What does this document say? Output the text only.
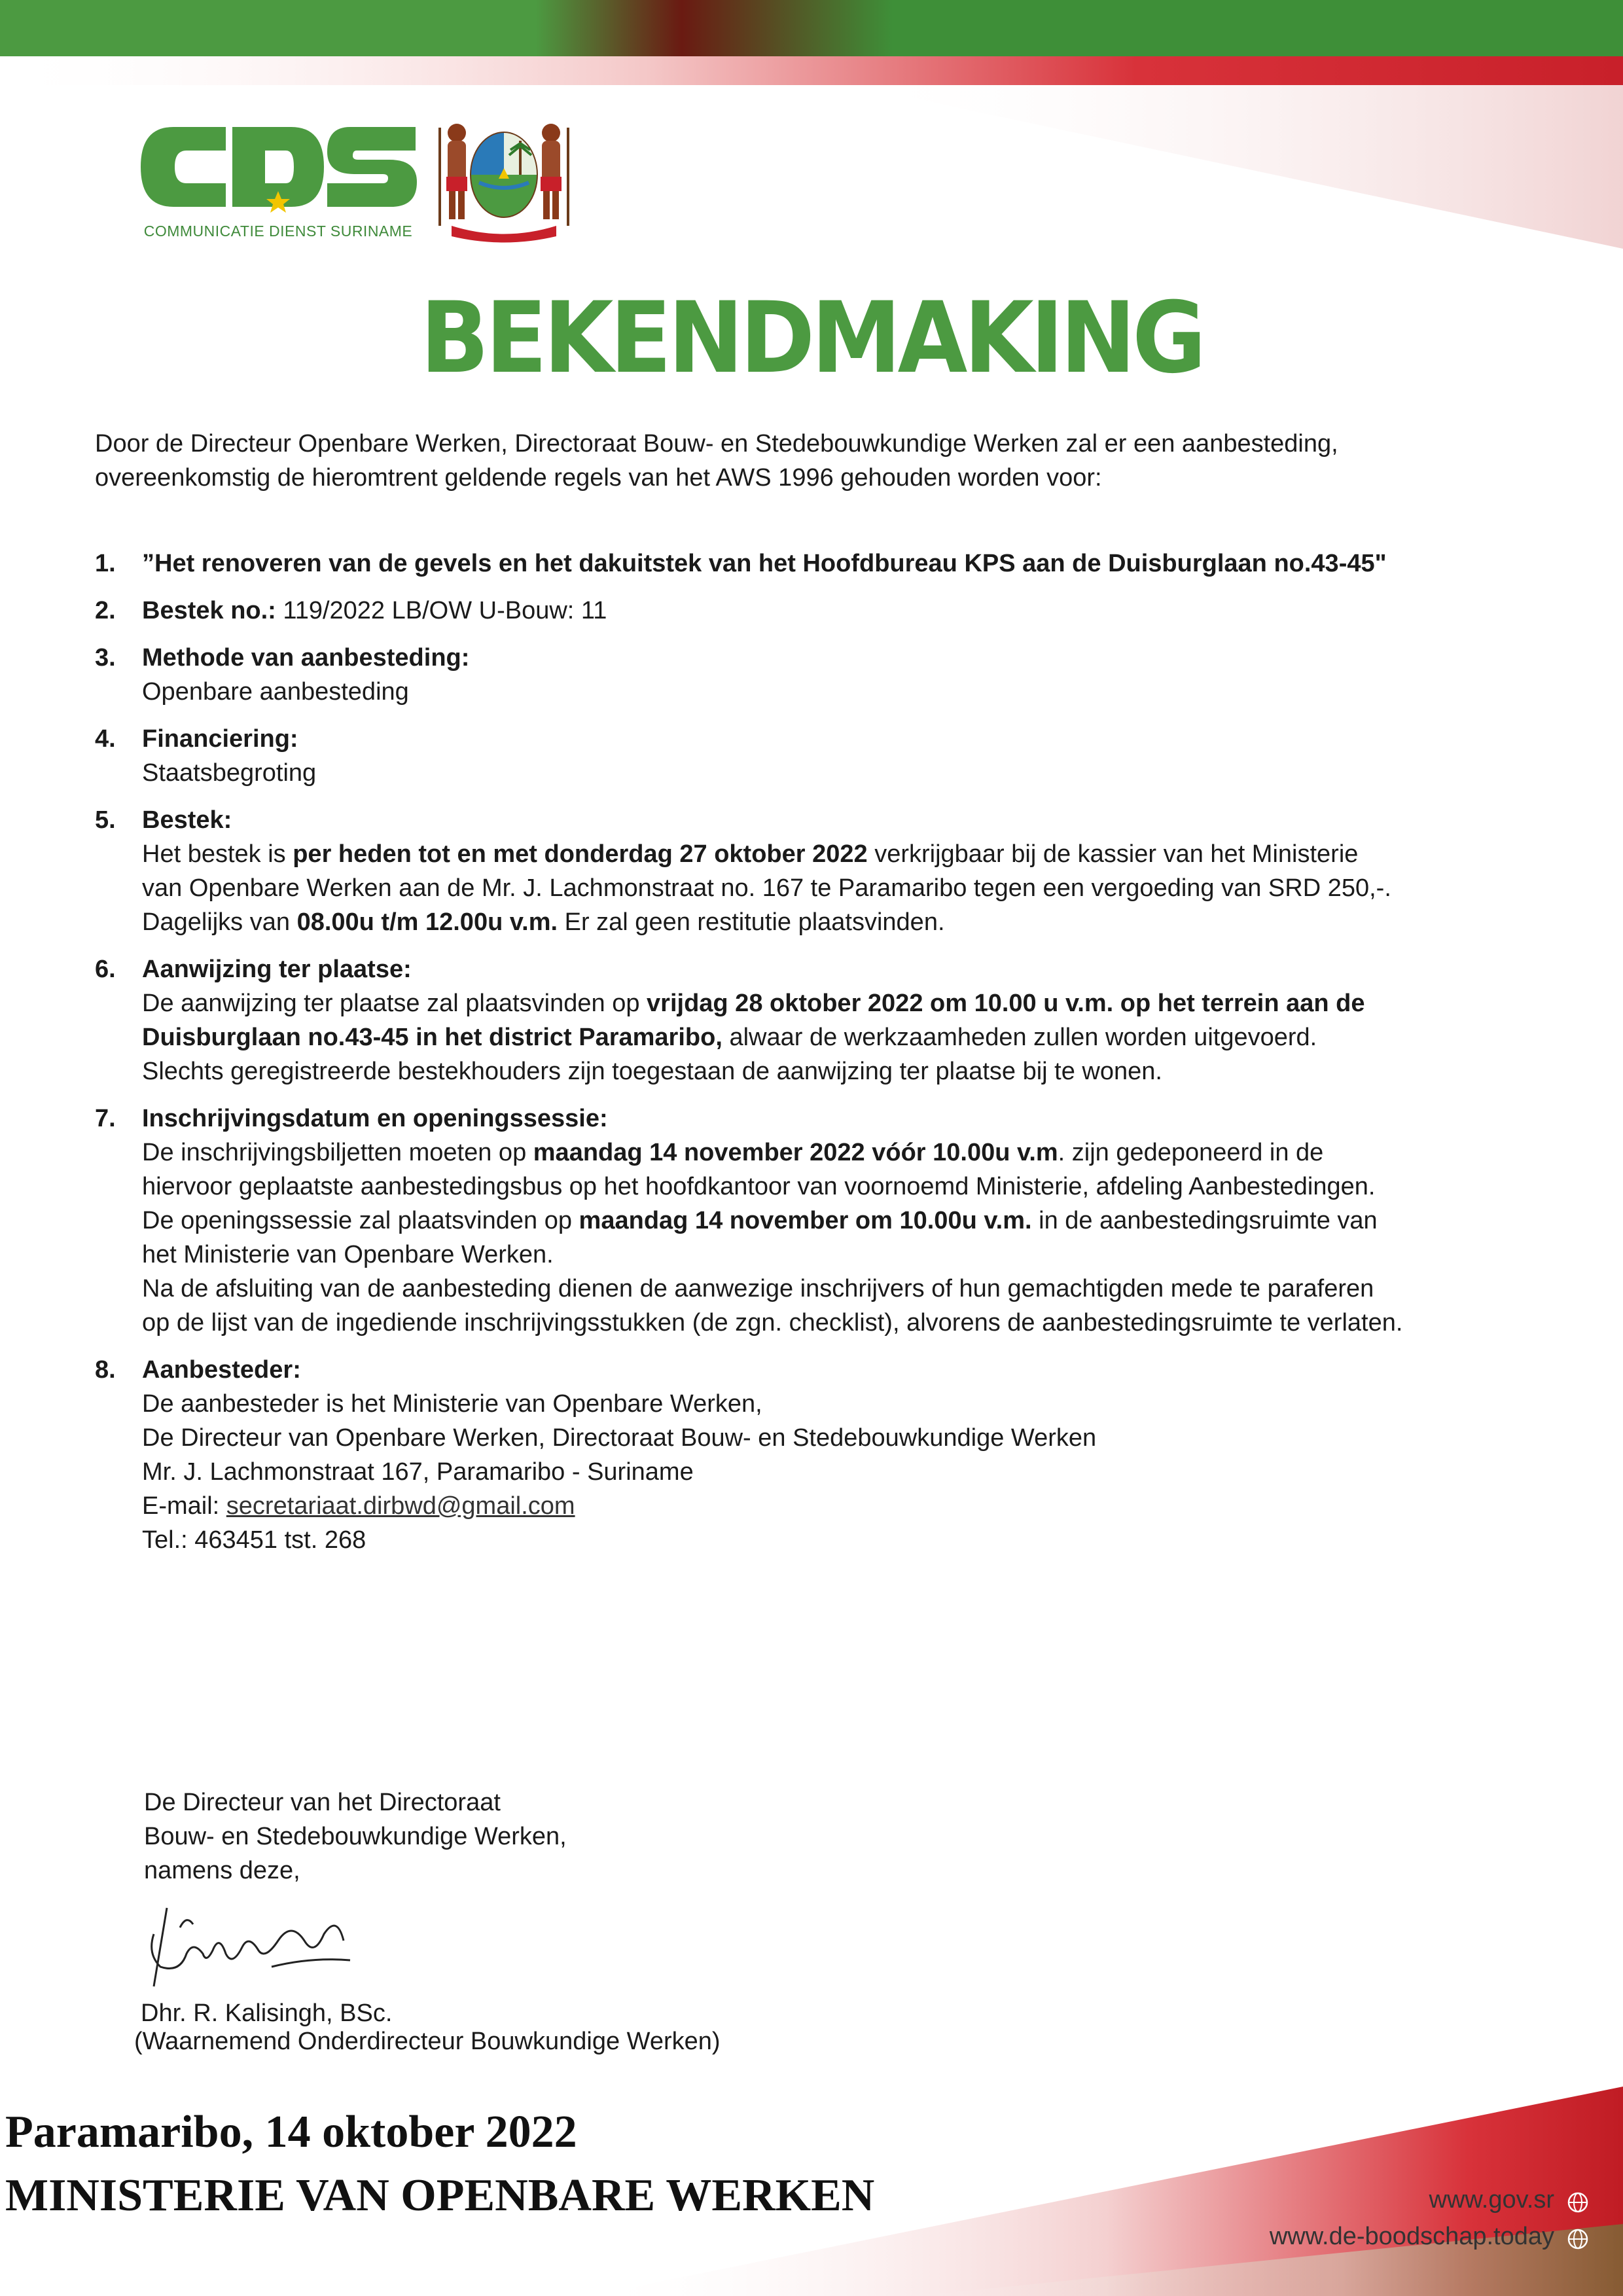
COMMUNICATIE DIENST SURINAME
BEKENDMAKING
Door de Directeur Openbare Werken, Directoraat Bouw- en Stedebouwkundige Werken zal er een aanbesteding, overeenkomstig de hieromtrent geldende regels van het AWS 1996 gehouden worden voor:
1. ”Het renoveren van de gevels en het dakuitstek van het Hoofdbureau KPS aan de Duisburglaan no.43-45"
2. Bestek no.: 119/2022 LB/OW U-Bouw: 11
3. Methode van aanbesteding:
Openbare aanbesteding
4. Financiering:
Staatsbegroting
5. Bestek:
Het bestek is per heden tot en met donderdag 27 oktober 2022 verkrijgbaar bij de kassier van het Ministerie van Openbare Werken aan de Mr. J. Lachmonstraat no. 167 te Paramaribo tegen een vergoeding van SRD 250,-. Dagelijks van 08.00u t/m 12.00u v.m. Er zal geen restitutie plaatsvinden.
6. Aanwijzing ter plaatse:
De aanwijzing ter plaatse zal plaatsvinden op vrijdag 28 oktober 2022 om 10.00 u v.m. op het terrein aan de Duisburglaan no.43-45 in het district Paramaribo, alwaar de werkzaamheden zullen worden uitgevoerd. Slechts geregistreerde bestekhouders zijn toegestaan de aanwijzing ter plaatse bij te wonen.
7. Inschrijvingsdatum en openingssessie:
De inschrijvingsbiljetten moeten op maandag 14 november 2022 vóór 10.00u v.m. zijn gedeponeerd in de hiervoor geplaatste aanbestedingsbus op het hoofdkantoor van voornoemd Ministerie, afdeling Aanbestedingen. De openingssessie zal plaatsvinden op maandag 14 november om 10.00u v.m. in de aanbestedingsruimte van het Ministerie van Openbare Werken.
Na de afsluiting van de aanbesteding dienen de aanwezige inschrijvers of hun gemachtigden mede te paraferen op de lijst van de ingediende inschrijvingsstukken (de zgn. checklist), alvorens de aanbestedingsruimte te verlaten.
8. Aanbesteder:
De aanbesteder is het Ministerie van Openbare Werken,
De Directeur van Openbare Werken, Directoraat Bouw- en Stedebouwkundige Werken
Mr. J. Lachmonstraat 167, Paramaribo - Suriname
E-mail: secretariaat.dirbwd@gmail.com
Tel.: 463451 tst. 268
De Directeur van het Directoraat
Bouw- en Stedebouwkundige Werken,
namens deze,
Dhr. R. Kalisingh, BSc.
(Waarnemend Onderdirecteur Bouwkundige Werken)
Paramaribo, 14 oktober 2022
MINISTERIE VAN OPENBARE WERKEN	www.gov.sr
www.de-boodschap.today
